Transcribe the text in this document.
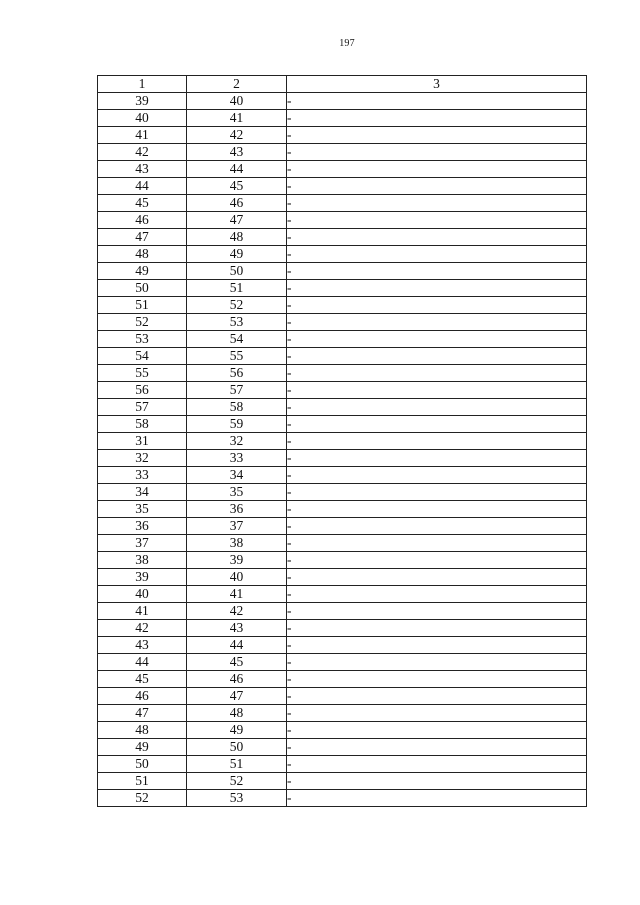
197
1	2	3
39	40	-
40	41	-
41	42	-
42	43	-
43	44	-
44	45	-
45	46	-
46	47	-
47	48	-
48	49	-
49	50	-
50	51	-
51	52	-
52	53	-
53	54	-
54	55	-
55	56	-
56	57	-
57	58	-
58	59	-
31	32	-
32	33	-
33	34	-
34	35	-
35	36	-
36	37	-
37	38	-
38	39	-
39	40	-
40	41	-
41	42	-
42	43	-
43	44	-
44	45	-
45	46	-
46	47	-
47	48	-
48	49	-
49	50	-
50	51	-
51	52	-
52	53	-
